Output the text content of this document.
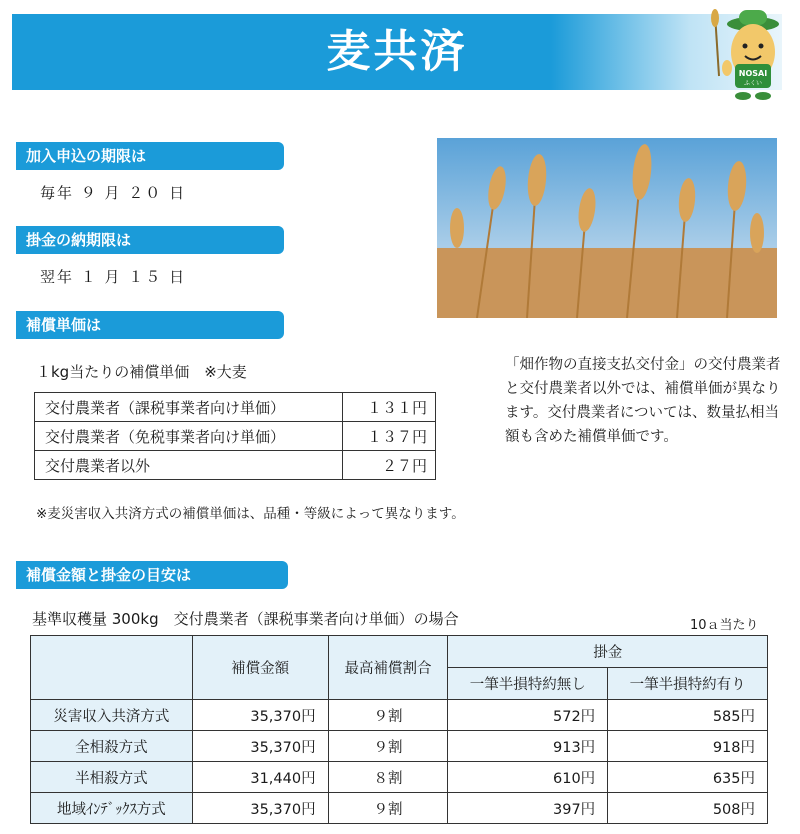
麦共済	NOSAI
ふくい
加入申込の期限は
毎年 ９ 月 ２０ 日
掛金の納期限は
翌年 １ 月 １５ 日
補償単価は
１kg当たりの補償単価　※大麦
交付農業者（課税事業者向け単価）	１３１円
交付農業者（免税事業者向け単価）	１３７円
交付農業者以外	２７円
※麦災害収入共済方式の補償単価は、品種・等級によって異なります。
「畑作物の直接支払交付金」の交付農業者と交付農業者以外では、補償単価が異なります。交付農業者については、数量払相当額も含めた補償単価です。
補償金額と掛金の目安は
基準収穫量 300kg　交付農業者（課税事業者向け単価）の場合	10ａ当たり
	補償金額	最高補償割合	掛金	
			一筆半損特約無し	一筆半損特約有り
災害収入共済方式	35,370円	９割	572円	585円
全相殺方式	35,370円	９割	913円	918円
半相殺方式	31,440円	８割	610円	635円
地域ｲﾝﾃﾞｯｸｽ方式	35,370円	９割	397円	508円
